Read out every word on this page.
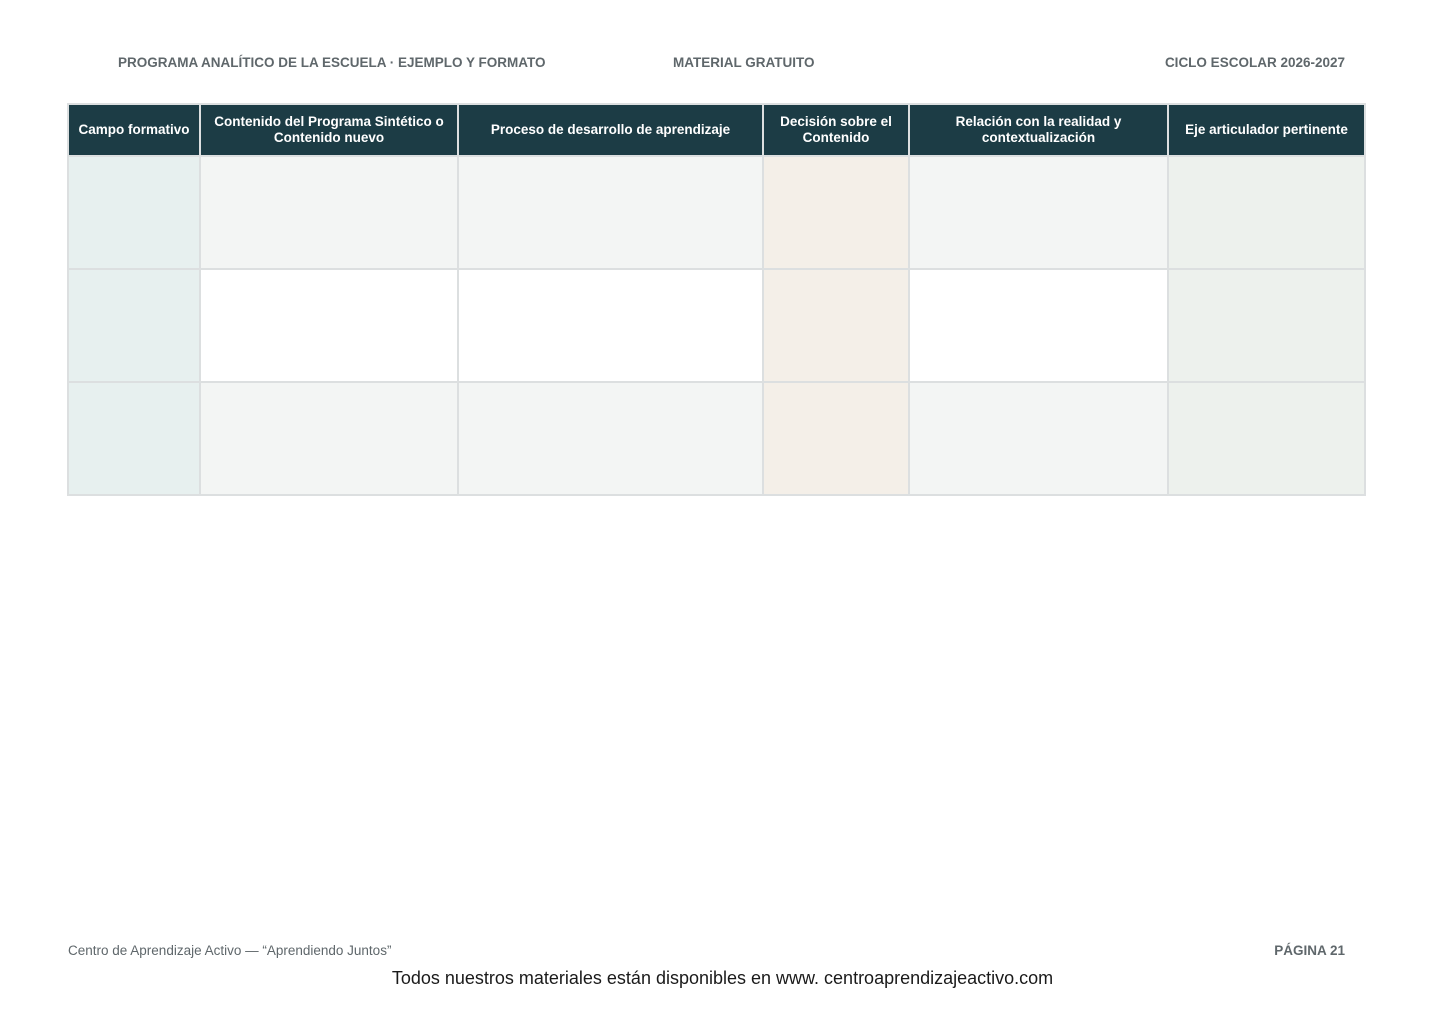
PROGRAMA ANALÍTICO DE LA ESCUELA · EJEMPLO Y FORMATO	MATERIAL GRATUITO	CICLO ESCOLAR 2026-2027
Campo formativo	Contenido del Programa Sintético o Contenido nuevo	Proceso de desarrollo de aprendizaje	Decisión sobre el Contenido	Relación con la realidad y contextualización	Eje articulador pertinente

Centro de Aprendizaje Activo — “Aprendiendo Juntos”	PÁGINA 21
Todos nuestros materiales están disponibles en www. centroaprendizajeactivo.com
